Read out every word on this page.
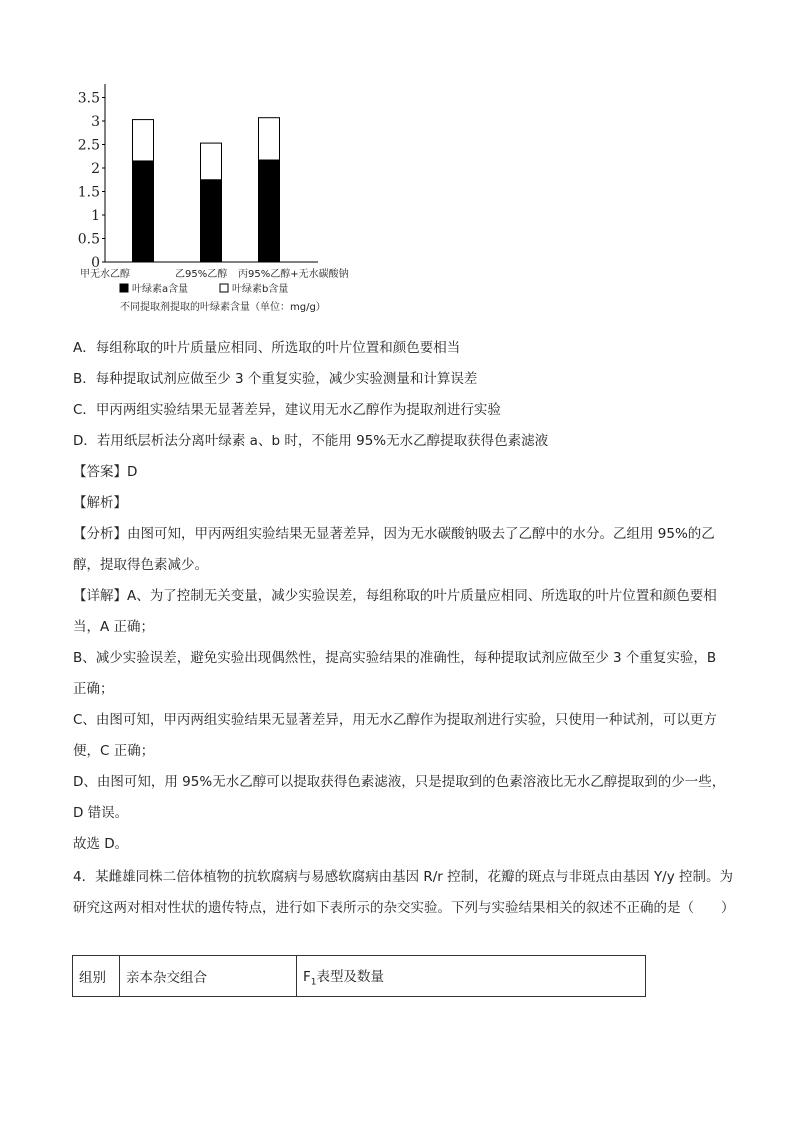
0
0.5
1
1.5
2
2.5
3
3.5
甲无水乙醇	乙95%乙醇 丙95%乙醇+无水碳酸钠
叶绿素a含量	叶绿素b含量
不同提取剂提取的叶绿素含量（单位：mg/g）

A．每组称取的叶片质量应相同、所选取的叶片位置和颜色要相当

B．每种提取试剂应做至少 3 个重复实验，减少实验测量和计算误差

C．甲丙两组实验结果无显著差异，建议用无水乙醇作为提取剂进行实验

D．若用纸层析法分离叶绿素 a、b 时，不能用 95%无水乙醇提取获得色素滤液

【答案】D

【解析】

【分析】由图可知，甲丙两组实验结果无显著差异，因为无水碳酸钠吸去了乙醇中的水分。乙组用 95%的乙醇，提取得色素减少。

【详解】A、为了控制无关变量，减少实验误差，每组称取的叶片质量应相同、所选取的叶片位置和颜色要相当，A 正确；

B、减少实验误差，避免实验出现偶然性，提高实验结果的准确性，每种提取试剂应做至少 3 个重复实验，B 正确；

C、由图可知，甲丙两组实验结果无显著差异，用无水乙醇作为提取剂进行实验，只使用一种试剂，可以更方便，C 正确；

D、由图可知，用 95%无水乙醇可以提取获得色素滤液，只是提取到的色素溶液比无水乙醇提取到的少一些，D 错误。

故选 D。

4．某雌雄同株二倍体植物的抗软腐病与易感软腐病由基因 R/r 控制，花瓣的斑点与非斑点由基因 Y/y 控制。为研究这两对相对性状的遗传特点，进行如下表所示的杂交实验。下列与实验结果相关的叙述不正确的是（　　）

组别	亲本杂交组合	$F_1$表型及数量
